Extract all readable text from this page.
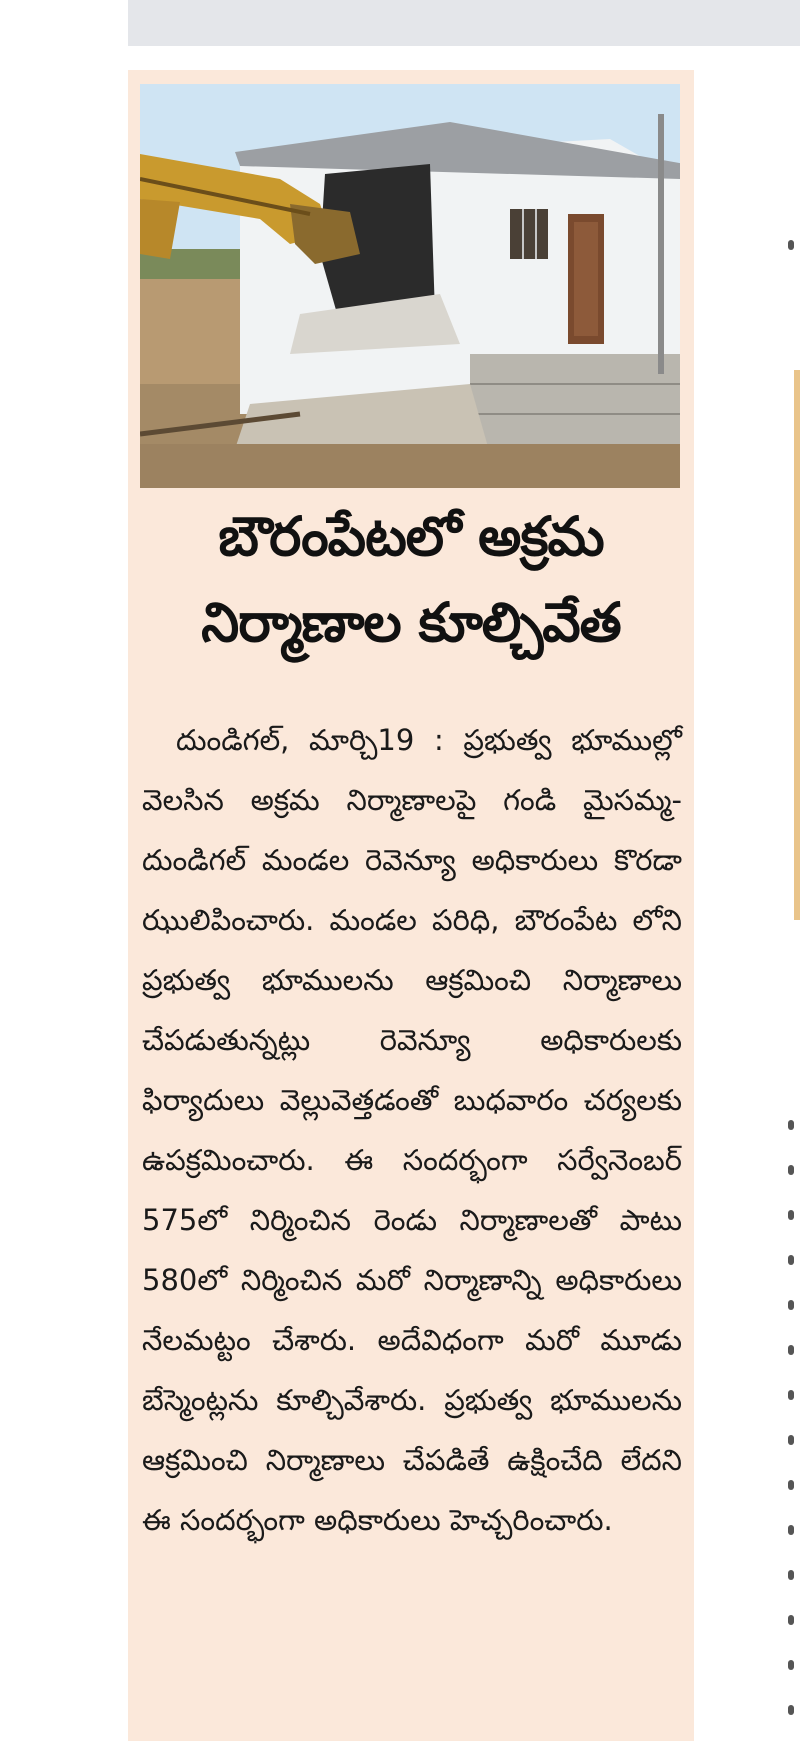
బౌరంపేటలో అక్రమ
నిర్మాణాల కూల్చివేత

దుండిగల్, మార్చి19 : ప్రభుత్వ భూముల్లో వెలసిన అక్రమ నిర్మాణాలపై గండి మైసమ్మ- దుండిగల్ మండల రెవెన్యూ అధికారులు కొరడా ఝులిపించారు. మండల పరిధి, బౌరంపేట లోని ప్రభుత్వ భూములను ఆక్రమించి నిర్మాణాలు చేపడుతున్నట్లు రెవెన్యూ అధికారులకు ఫిర్యాదులు వెల్లువెత్తడంతో బుధవారం చర్యలకు ఉపక్రమించారు. ఈ సందర్భంగా సర్వేనెంబర్ 575లో నిర్మించిన రెండు నిర్మాణాలతో పాటు 580లో నిర్మించిన మరో నిర్మాణాన్ని అధికారులు నేలమట్టం చేశారు. అదేవిధంగా మరో మూడు బేస్మెంట్లను కూల్చివేశారు. ప్రభుత్వ భూములను ఆక్రమించి నిర్మాణాలు చేపడితే ఉక్షించేది లేదని ఈ సందర్భంగా అధికారులు హెచ్చరించారు.
